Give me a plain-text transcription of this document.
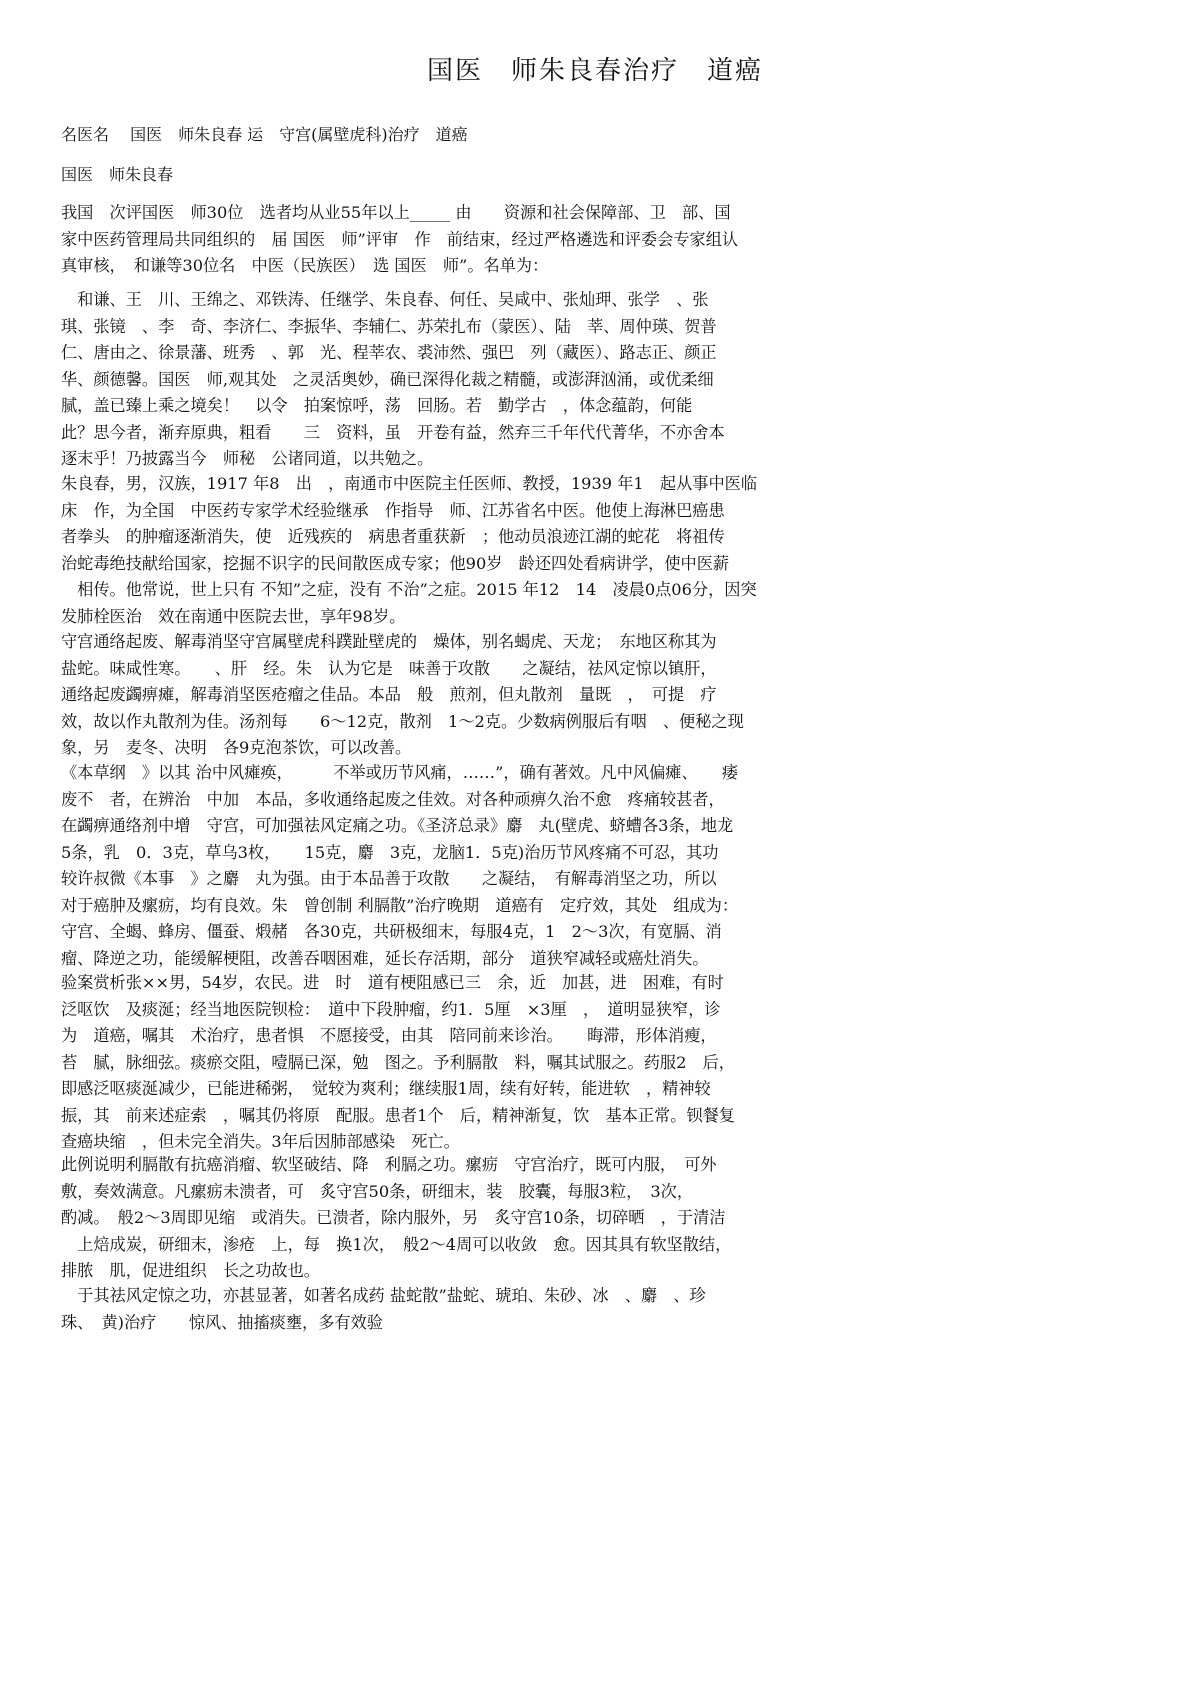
国医　师朱良春治疗　道癌

名医名　 国医　师朱良春 运　守宫(属壁虎科)治疗　道癌

国医　师朱良春

我国　次评国医　师30位　选者均从业55年以上_____ 由　　资源和社会保障部、卫　部、国
家中医药管理局共同组织的　届 国医　师”评审　作　前结束，经过严格遴选和评委会专家组认
真审核，　和谦等30位名　中医（民族医）　选 国医　师”。名单为：

　和谦、王　川、王绵之、邓铁涛、任继学、朱良春、何任、吴咸中、张灿玾、张学　、张
琪、张镜　、李　奇、李济仁、李振华、李辅仁、苏荣扎布（蒙医）、陆　莘、周仲瑛、贺普
仁、唐由之、徐景藩、班秀　、郭　光、程莘农、裘沛然、强巴　列（藏医）、路志正、颜正
华、颜德馨。国医　师,观其处　之灵活奥妙，确已深得化裁之精髓，或澎湃汹涌，或优柔细
腻，盖已臻上乘之境矣！　以令　拍案惊呼，荡　回肠。若　勤学古　，体念蕴韵，何能
此？思今者，渐弃原典，粗看　　三　资料，虽　开卷有益，然弃三千年代代菁华，不亦舍本
逐末乎！乃披露当今　师秘　公诸同道，以共勉之。

朱良春，男，汉族，1917 年8　出　，南通市中医院主任医师、教授，1939 年1　起从事中医临
床　作，为全国　中医药专家学术经验继承　作指导　师、江苏省名中医。他使上海淋巴癌患
者拳头　的肿瘤逐渐消失，使　近残疾的　病患者重获新　；他动员浪迹江湖的蛇花　将祖传
治蛇毒绝技献给国家，挖掘不识字的民间散医成专家；他90岁　龄还四处看病讲学，使中医薪
　相传。他常说，世上只有 不知”之症，没有 不治”之症。2015 年12　14　凌晨0点06分，因突
发肺栓医治　效在南通中医院去世，享年98岁。

守宫通络起废、解毒消坚守宫属壁虎科蹼趾壁虎的　燥体，别名蝎虎、天龙；　东地区称其为
盐蛇。味咸性寒。　　、肝　经。朱　认为它是　味善于攻散　　之凝结，祛风定惊以镇肝，
通络起废蠲痹瘫，解毒消坚医疮瘤之佳品。本品　般　煎剂，但丸散剂　量既　，　可提　疗
效，故以作丸散剂为佳。汤剂每　　6～12克，散剂　1～2克。少数病例服后有咽　、便秘之现
象，另　麦冬、决明　各9克泡茶饮，可以改善。

《本草纲　》以其 治中风瘫痪，　　　不举或历节风痛，……”，确有著效。凡中风偏瘫、　　痿
废不　者，在辨治　中加　本品，多收通络起废之佳效。对各种顽痹久治不愈　疼痛较甚者，
在蠲痹通络剂中增　守宫，可加强祛风定痛之功。《圣济总录》麝　丸(壁虎、蛴螬各3条，地龙
5条，乳　0．3克，草乌3枚，　　15克，麝　3克，龙脑1．5克)治历节风疼痛不可忍，其功
较许叔微《本事　》之麝　丸为强。由于本品善于攻散　　之凝结，　有解毒消坚之功，所以
对于癌肿及瘰疬，均有良效。朱　曾创制 利膈散”治疗晚期　道癌有　定疗效，其处　组成为：
守宫、全蝎、蜂房、僵蚕、煅赭　各30克，共研极细末，每服4克，1　2～3次，有宽膈、消
瘤、降逆之功，能缓解梗阻，改善吞咽困难，延长存活期，部分　道狭窄减轻或癌灶消失。

验案赏析张××男，54岁，农民。进　时　道有梗阻感已三　余，近　加甚，进　困难，有时
泛呕饮　及痰涎；经当地医院钡检：　道中下段肿瘤，约1．5厘　×3厘　，　道明显狭窄，诊
为　道癌，嘱其　术治疗，患者惧　不愿接受，由其　陪同前来诊治。　　晦滞，形体消瘦，
苔　腻，脉细弦。痰瘀交阻，噎膈已深，勉　图之。予利膈散　料，嘱其试服之。药服2　后，
即感泛呕痰涎减少，已能进稀粥，　觉较为爽利；继续服1周，续有好转，能进软　，精神较
振，其　前来述症索　，嘱其仍将原　配服。患者1个　后，精神渐复，饮　基本正常。钡餐复
查癌块缩　，但未完全消失。3年后因肺部感染　死亡。

此例说明利膈散有抗癌消瘤、软坚破结、降　利膈之功。瘰疬　守宫治疗，既可内服，　可外
敷，奏效满意。凡瘰疬未溃者，可　炙守宫50条，研细末，装　胶囊，每服3粒，　3次，
酌减。　般2～3周即见缩　或消失。已溃者，除内服外，另　炙守宫10条，切碎晒　，于清洁
　上焙成炭，研细末，渗疮　上，每　换1次，　般2～4周可以收敛　愈。因其具有软坚散结，
排脓　肌，促进组织　长之功故也。

　于其祛风定惊之功，亦甚显著，如著名成药 盐蛇散”盐蛇、琥珀、朱砂、冰　、麝　、珍
珠、　黄)治疗　　惊风、抽搐痰壅，多有效验
